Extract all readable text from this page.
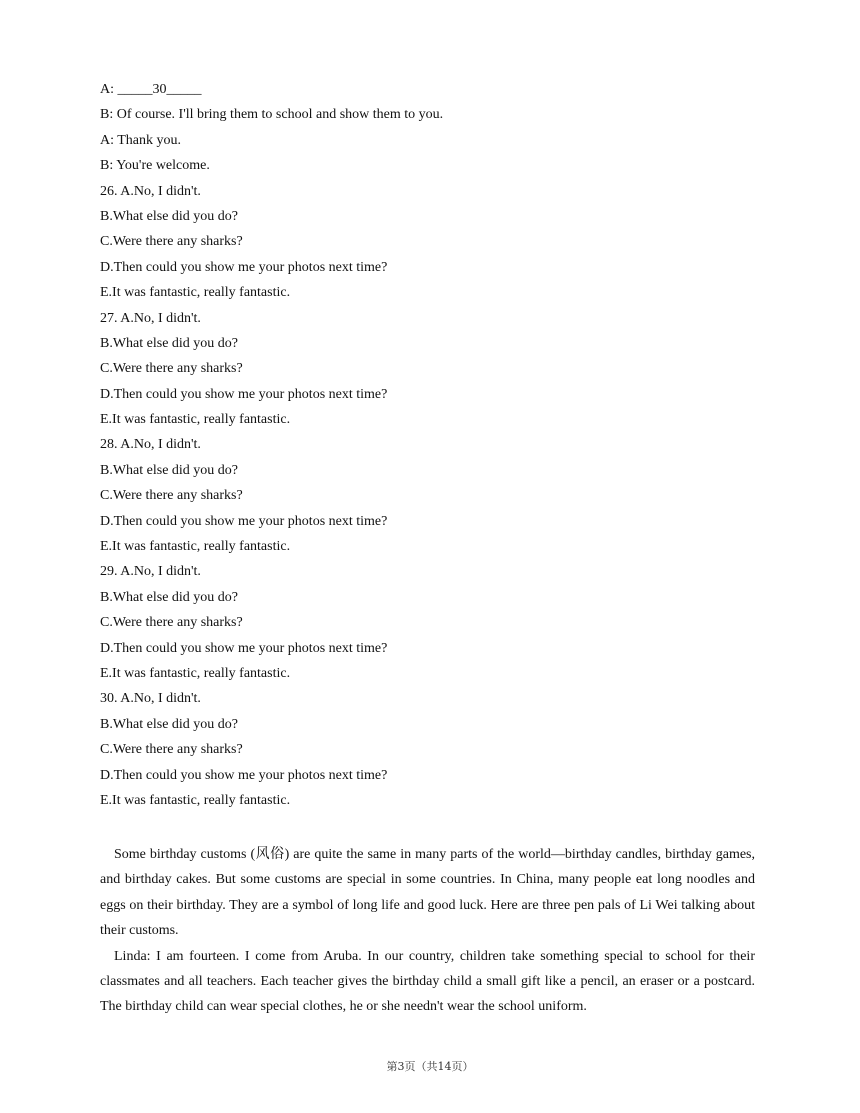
A: _____30_____
B: Of course. I'll bring them to school and show them to you.
A: Thank you.
B: You're welcome.
26. A.No, I didn't.
B.What else did you do?
C.Were there any sharks?
D.Then could you show me your photos next time?
E.It was fantastic, really fantastic.
27. A.No, I didn't.
B.What else did you do?
C.Were there any sharks?
D.Then could you show me your photos next time?
E.It was fantastic, really fantastic.
28. A.No, I didn't.
B.What else did you do?
C.Were there any sharks?
D.Then could you show me your photos next time?
E.It was fantastic, really fantastic.
29. A.No, I didn't.
B.What else did you do?
C.Were there any sharks?
D.Then could you show me your photos next time?
E.It was fantastic, really fantastic.
30. A.No, I didn't.
B.What else did you do?
C.Were there any sharks?
D.Then could you show me your photos next time?
E.It was fantastic, really fantastic.

Some birthday customs (风俗) are quite the same in many parts of the world—birthday candles, birthday games, and birthday cakes. But some customs are special in some countries. In China, many people eat long noodles and eggs on their birthday. They are a symbol of long life and good luck. Here are three pen pals of Li Wei talking about their customs.

Linda: I am fourteen. I come from Aruba. In our country, children take something special to school for their classmates and all teachers. Each teacher gives the birthday child a small gift like a pencil, an eraser or a postcard. The birthday child can wear special clothes, he or she needn't wear the school uniform.

第3页（共14页）
